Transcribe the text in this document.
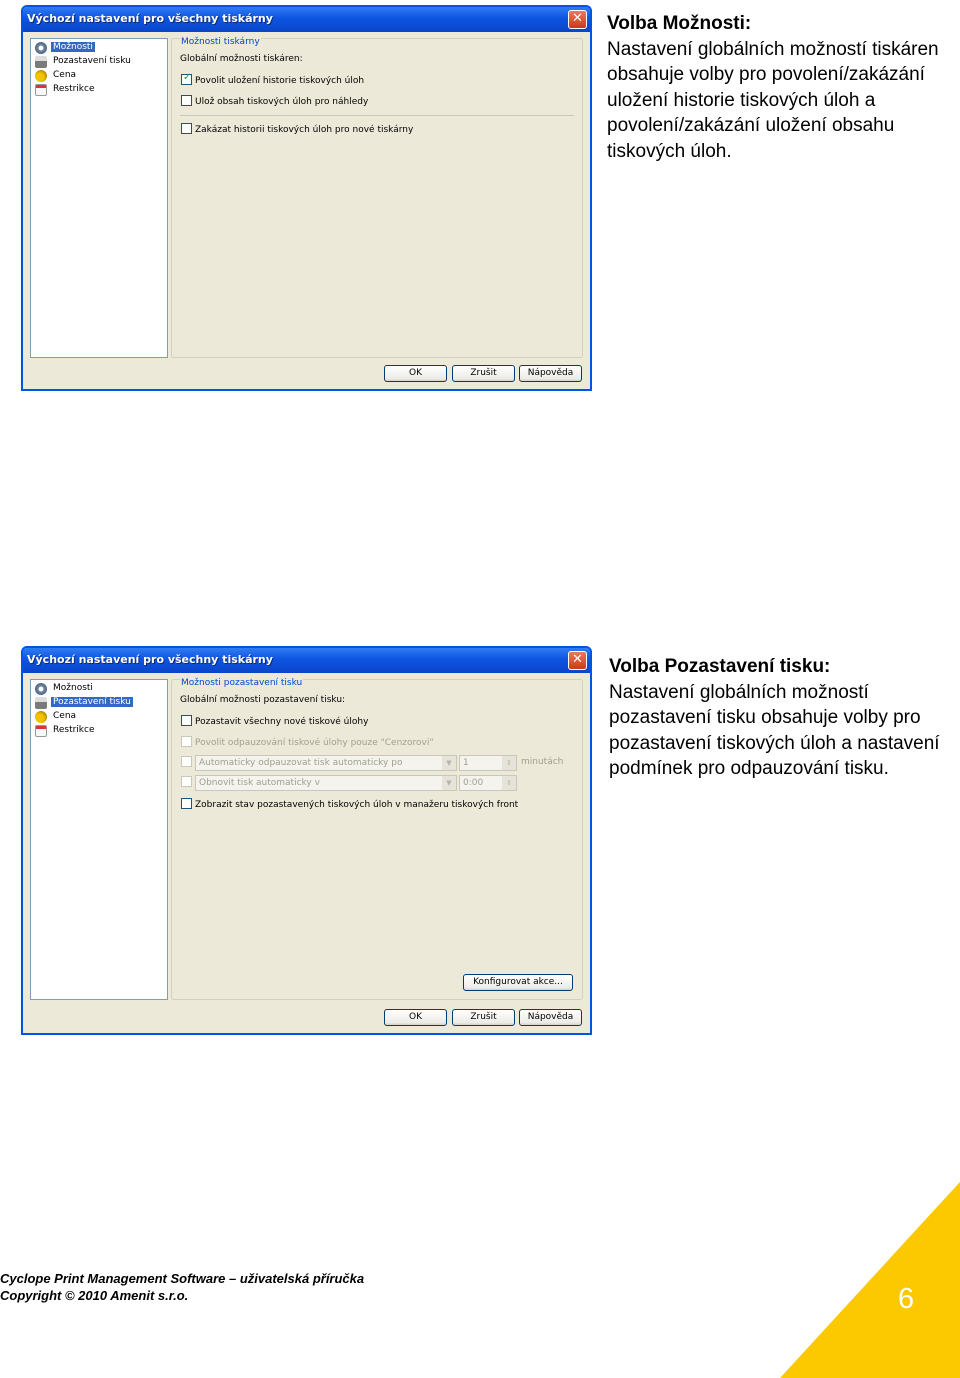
Výchozí nastavení pro všechny tiskárny	✕
Možnosti
Pozastavení tisku
Cena
Restrikce
Možnosti tiskárny
Globální možnosti tiskáren:
✓Povolit uložení historie tiskových úloh
Ulož obsah tiskových úloh pro náhledy
Zakázat historii tiskových úloh pro nové tiskárny
OK	Zrušit	Nápověda
Výchozí nastavení pro všechny tiskárny	✕
Možnosti
Pozastavení tisku
Cena
Restrikce
Možnosti pozastavení tisku
Globální možnosti pozastavení tisku:
Pozastavit všechny nové tiskové úlohy
Povolit odpauzování tiskové úlohy pouze "Cenzorovi"
Automaticky odpauzovat tisk automaticky po	▼	1	⇕	minutách
Obnovit tisk automaticky v	▼	0:00	⇕
Zobrazit stav pozastavených tiskových úloh v manažeru tiskových front
Konfigurovat akce...
OK	Zrušit	Nápověda
Volba Možnosti:
Nastavení globálních možností tiskáren obsahuje volby pro povolení/zakázání uložení historie tiskových úloh a povolení/zakázání uložení obsahu tiskových úloh.
Volba Pozastavení tisku:
Nastavení globálních možností pozastavení tisku obsahuje volby pro pozastavení tiskových úloh a nastavení podmínek pro odpauzování tisku.
Cyclope Print Management Software – uživatelská příručka
Copyright © 2010 Amenit s.r.o.	6
